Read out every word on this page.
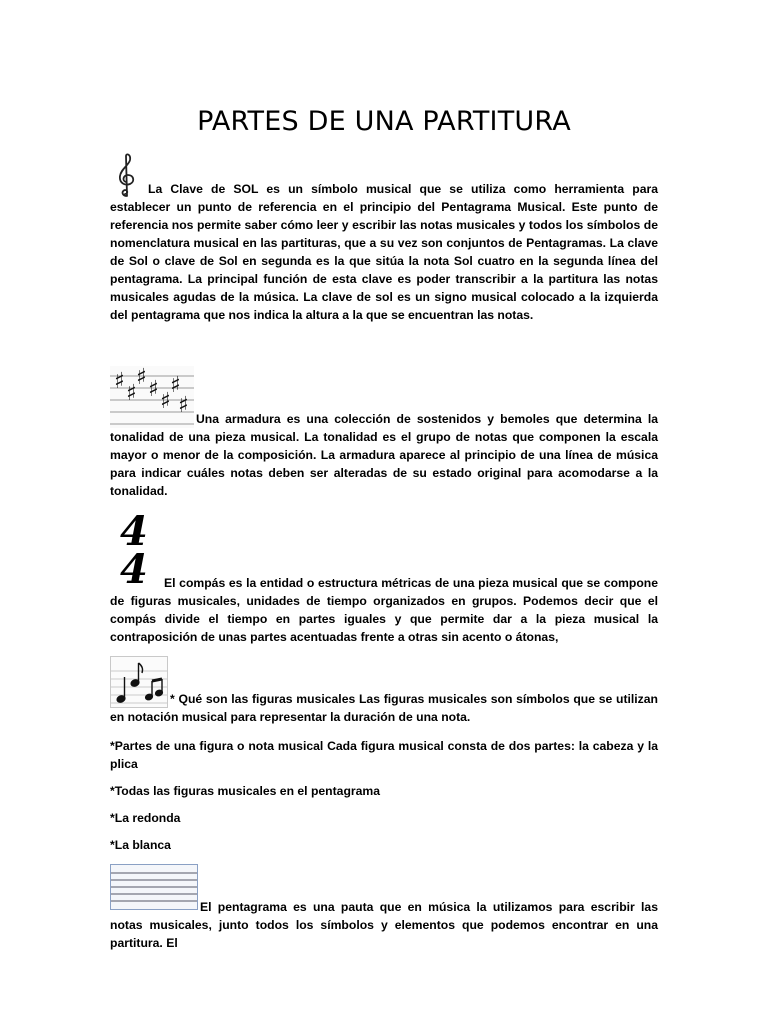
PARTES DE UNA PARTITURA
La Clave de SOL es un símbolo musical que se utiliza como herramienta para establecer un punto de referencia en el principio del Pentagrama Musical. Este punto de referencia nos permite saber cómo leer y escribir las notas musicales y todos los símbolos de nomenclatura musical en las partituras, que a su vez son conjuntos de Pentagramas. La clave de Sol o clave de Sol en segunda es la que sitúa la nota Sol cuatro en la segunda línea del pentagrama. La principal función de esta clave es poder transcribir a la partitura las notas musicales agudas de la música. La clave de sol es un signo musical colocado a la izquierda del pentagrama que nos indica la altura a la que se encuentran las notas.
♯ ♯
♯ ♯ ♯
♯
♯
Una armadura es una colección de sostenidos y bemoles que determina la tonalidad de una pieza musical. La tonalidad es el grupo de notas que componen la escala mayor o menor de la composición. La armadura aparece al principio de una línea de música para indicar cuáles notas deben ser alteradas de su estado original para acomodarse a la tonalidad.
4
4 El compás es la entidad o estructura métricas de una pieza musical que se compone de figuras musicales, unidades de tiempo organizados en grupos. Podemos decir que el compás divide el tiempo en partes iguales y que permite dar a la pieza musical la contraposición de unas partes acentuadas frente a otras sin acento o átonas,
* Qué son las figuras musicales Las figuras musicales son símbolos que se utilizan en notación musical para representar la duración de una nota.

*Partes de una figura o nota musical Cada figura musical consta de dos partes: la cabeza y la plica

*Todas las figuras musicales en el pentagrama

*La redonda

*La blanca

El pentagrama es una pauta que en música la utilizamos para escribir las notas musicales, junto todos los símbolos y elementos que podemos encontrar en una partitura. El
